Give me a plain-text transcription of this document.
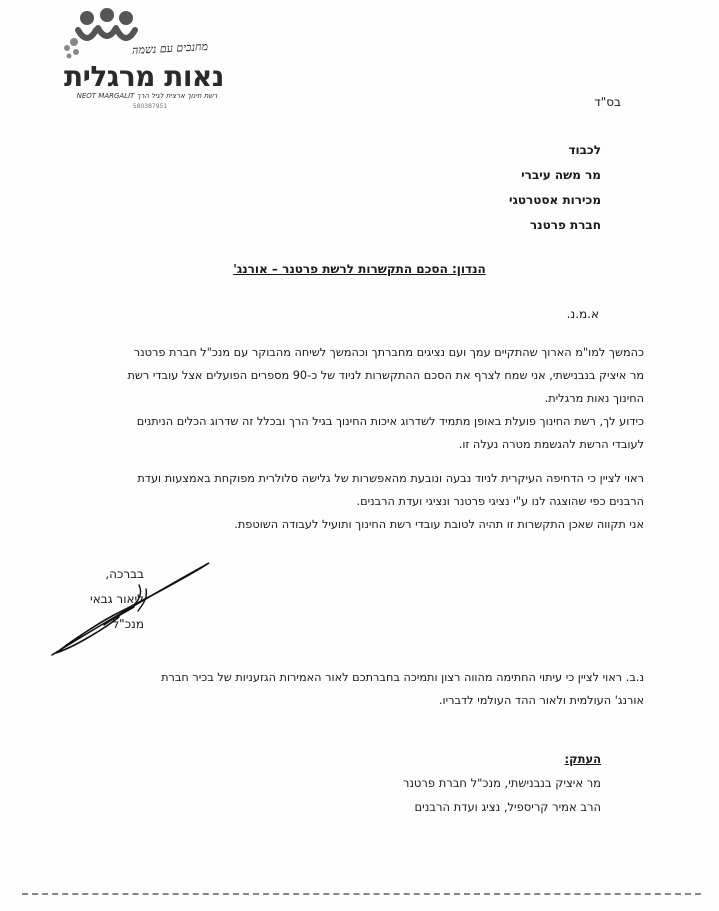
מחנכים עם נשמה
נאות מרגלית
NEOT MARGALIT רשת חינוך ארצית לגיל הרך
580387951	בס"ד
לכבוד
מר משה עיברי
מכירות אסטרטגי
חברת פרטנר
הנדון: הסכם התקשרות לרשת פרטנר – אורנג'
א.מ.נ.
כהמשך למו"מ הארוך שהתקיים עמך ועם נציגים מחברתך וכהמשך לשיחה מהבוקר עם מנכ"ל חברת פרטנר
מר איציק בנבנישתי, אני שמח לצרף את הסכם ההתקשרות לניוד של כ-90 מספרים הפועלים אצל עובדי רשת
החינוך נאות מרגלית.
כידוע לך, רשת החינוך פועלת באופן מתמיד לשדרוג איכות החינוך בגיל הרך ובכלל זה שדרוג הכלים הניתנים
לעובדי הרשת להגשמת מטרה נעלה זו.
ראוי לציין כי הדחיפה העיקרית לניוד נבעה ונובעת מהאפשרות של גלישה סלולרית מפוקחת באמצעות ועדת
הרבנים כפי שהוצגה לנו ע"י נציגי פרטנר ונציגי ועדת הרבנים.
אני תקווה שאכן התקשרות זו תהיה לטובת עובדי רשת החינוך ותועיל לעבודה השוטפת.
בברכה,
ליאור גבאי
מנכ"ל
נ.ב. ראוי לציין כי עיתוי החתימה מהווה רצון ותמיכה בחברתכם לאור האמירות הגזעניות של בכיר חברת
אורנג' העולמית ולאור ההד העולמי לדבריו.
העתק:
מר איציק בנבנישתי, מנכ"ל חברת פרטנר
הרב אמיר קריספיל, נציג ועדת הרבנים
